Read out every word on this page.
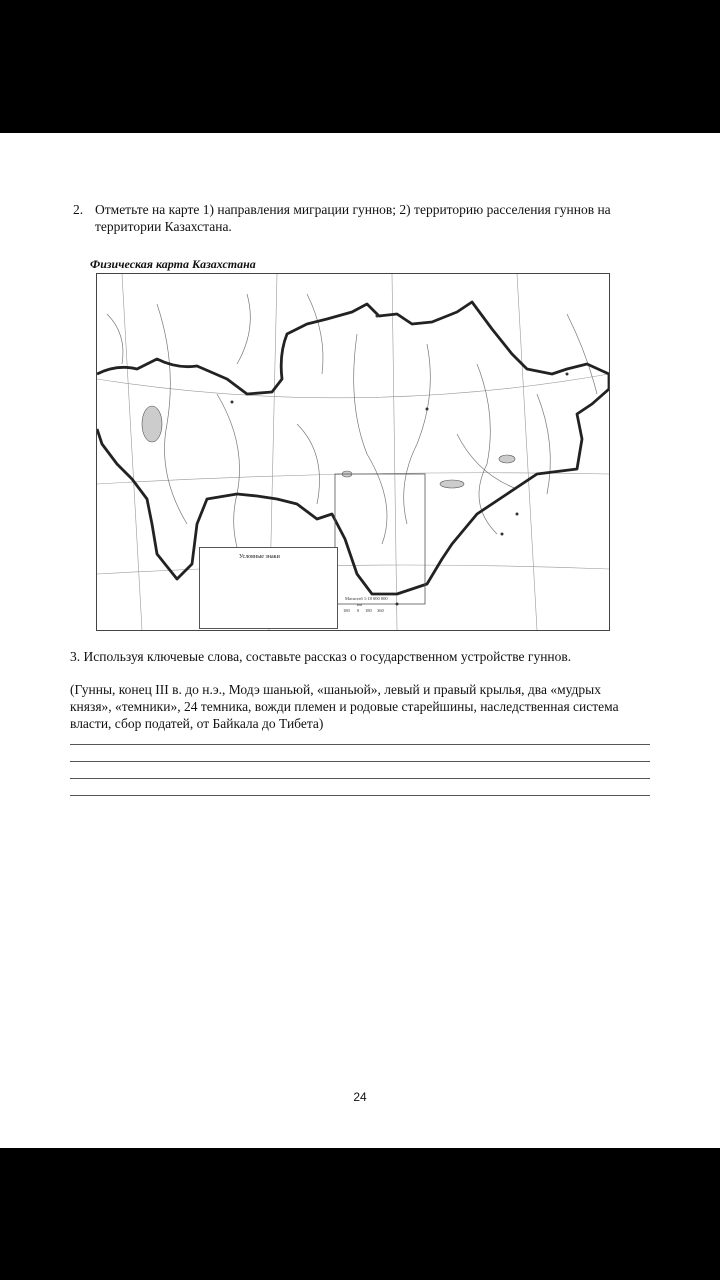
2. Отметьте на карте 1) направления миграции гуннов; 2) территорию расселения гуннов на территории Казахстана.
Физическая карта Казахстана
Условные знаки
Масштаб 1:18 000 000
км
180 0 180 360
3. Используя ключевые слова, составьте рассказ о государственном устройстве гуннов.
(Гунны, конец III в. до н.э., Модэ шаньюй, «шаньюй», левый и правый крылья, два «мудрых князя», «темники», 24 темника, вожди племен и родовые старейшины, наследственная система власти, сбор податей, от Байкала до Тибета)
24
